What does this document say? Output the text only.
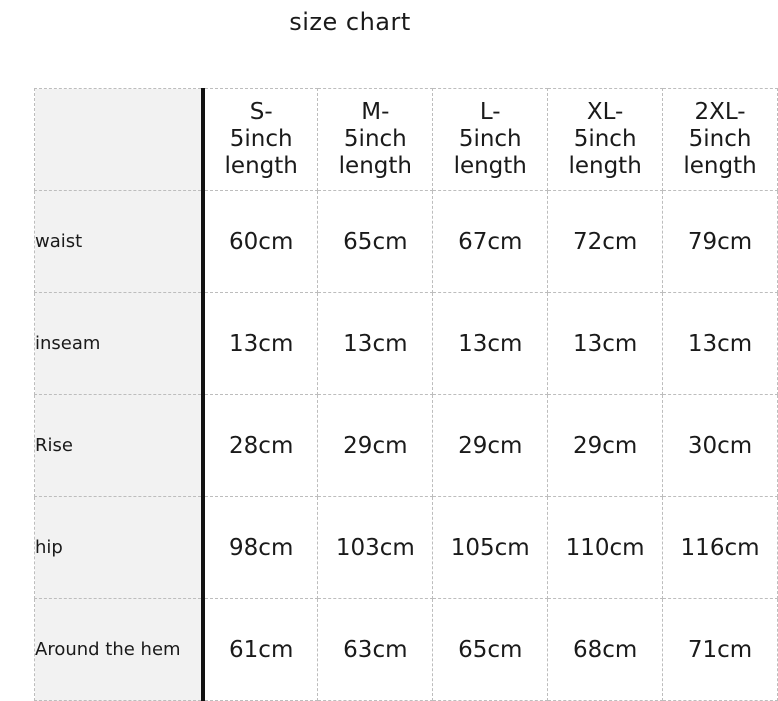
size chart

	S-
5inch
length	M-
5inch
length	L-
5inch
length	XL-
5inch
length	2XL-
5inch
length

waist	60cm	65cm	67cm	72cm	79cm
inseam	13cm	13cm	13cm	13cm	13cm
Rise	28cm	29cm	29cm	29cm	30cm
hip	98cm	103cm	105cm	110cm	116cm
Around the hem	61cm	63cm	65cm	68cm	71cm
